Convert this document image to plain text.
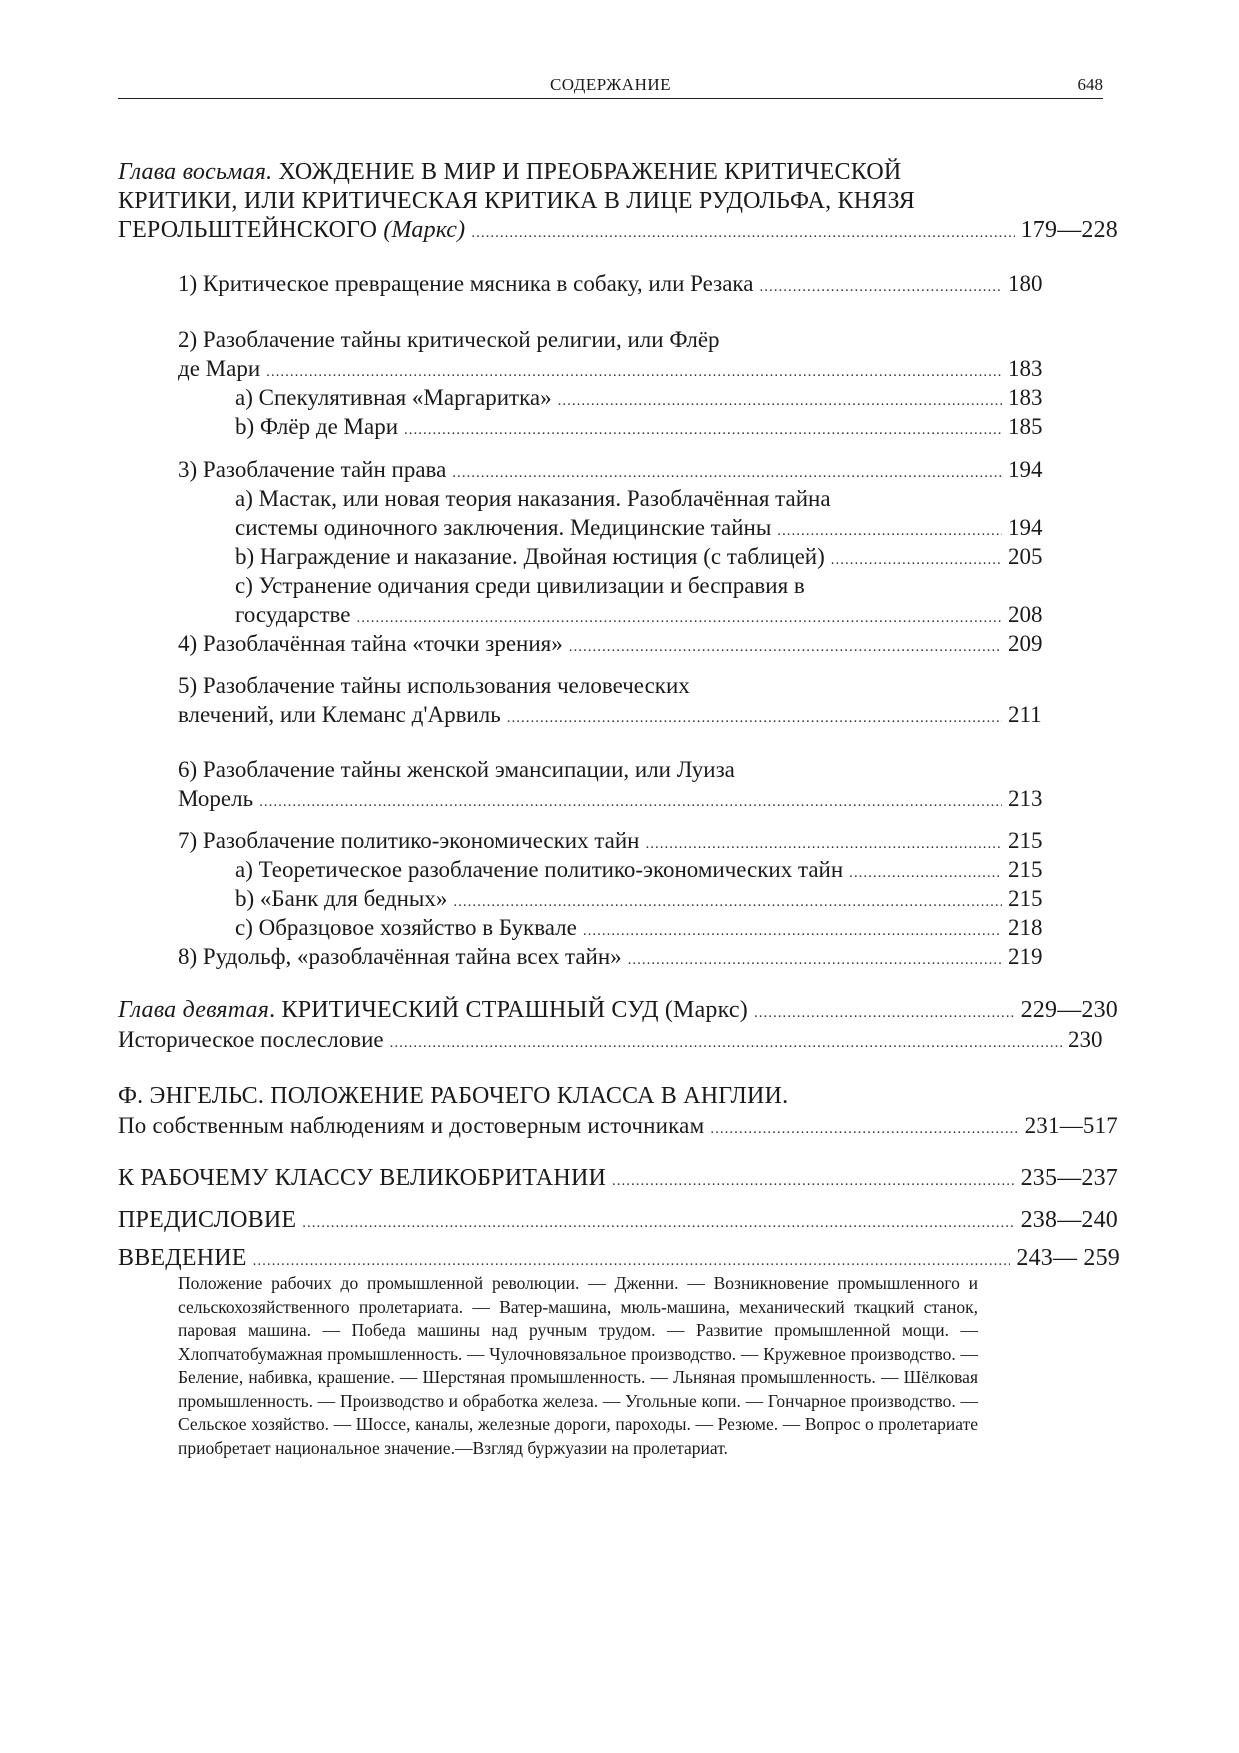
СОДЕРЖАНИЕ	648
Глава восьмая. ХОЖДЕНИЕ В МИР И ПРЕОБРАЖЕНИЕ КРИТИЧЕСКОЙ
КРИТИКИ, ИЛИ КРИТИЧЕСКАЯ КРИТИКА В ЛИЦЕ РУДОЛЬФА, КНЯЗЯ
ГЕРОЛЬШТЕЙНСКОГО (Маркс) .....	179—228
1) Критическое превращение мясника в собаку, или Резака .....	180
2) Разоблачение тайны критической религии, или Флёр
де Мари .....	183
a) Спекулятивная «Маргаритка» .....	183
b) Флёр де Мари .....	185
3) Разоблачение тайн права .....	194
a) Мастак, или новая теория наказания. Разоблачённая тайна
системы одиночного заключения. Медицинские тайны .....	194
b) Награждение и наказание. Двойная юстиция (с таблицей) .....	205
c) Устранение одичания среди цивилизации и бесправия в
государстве .....	208
4) Разоблачённая тайна «точки зрения» .....	209
5) Разоблачение тайны использования человеческих
влечений, или Клеманс д'Арвиль .....	211
6) Разоблачение тайны женской эмансипации, или Луиза
Морель .....	213
7) Разоблачение политико-экономических тайн .....	215
a) Теоретическое разоблачение политико-экономических тайн .....	215
b) «Банк для бедных» .....	215
c) Образцовое хозяйство в Буквале .....	218
8) Рудольф, «разоблачённая тайна всех тайн» .....	219
Глава девятая. КРИТИЧЕСКИЙ СТРАШНЫЙ СУД (Маркс) .....	229—230
Историческое послесловие .....	230
Ф. ЭНГЕЛЬС. ПОЛОЖЕНИЕ РАБОЧЕГО КЛАССА В АНГЛИИ.
По собственным наблюдениям и достоверным источникам .....	231—517
К РАБОЧЕМУ КЛАССУ ВЕЛИКОБРИТАНИИ .....	235—237
ПРЕДИСЛОВИЕ .....	238—240
ВВЕДЕНИЕ .....	243— 259
Положение рабочих до промышленной революции. — Дженни. — Возникновение промышленного и сельскохозяйственного пролетариата. — Ватер-машина, мюль-машина, механический ткацкий станок, паровая машина. — Победа машины над ручным трудом. — Развитие промышленной мощи. — Хлопчатобумажная промышленность. — Чулочновязальное производство. — Кружевное производство. — Беление, набивка, крашение. — Шерстяная промышленность. — Льняная промышленность. — Шёлковая промышленность. — Производство и обработка железа. — Угольные копи. — Гончарное производство. — Сельское хозяйство. — Шоссе, каналы, железные дороги, пароходы. — Резюме. — Вопрос о пролетариате приобретает национальное значение.—Взгляд буржуазии на пролетариат.
